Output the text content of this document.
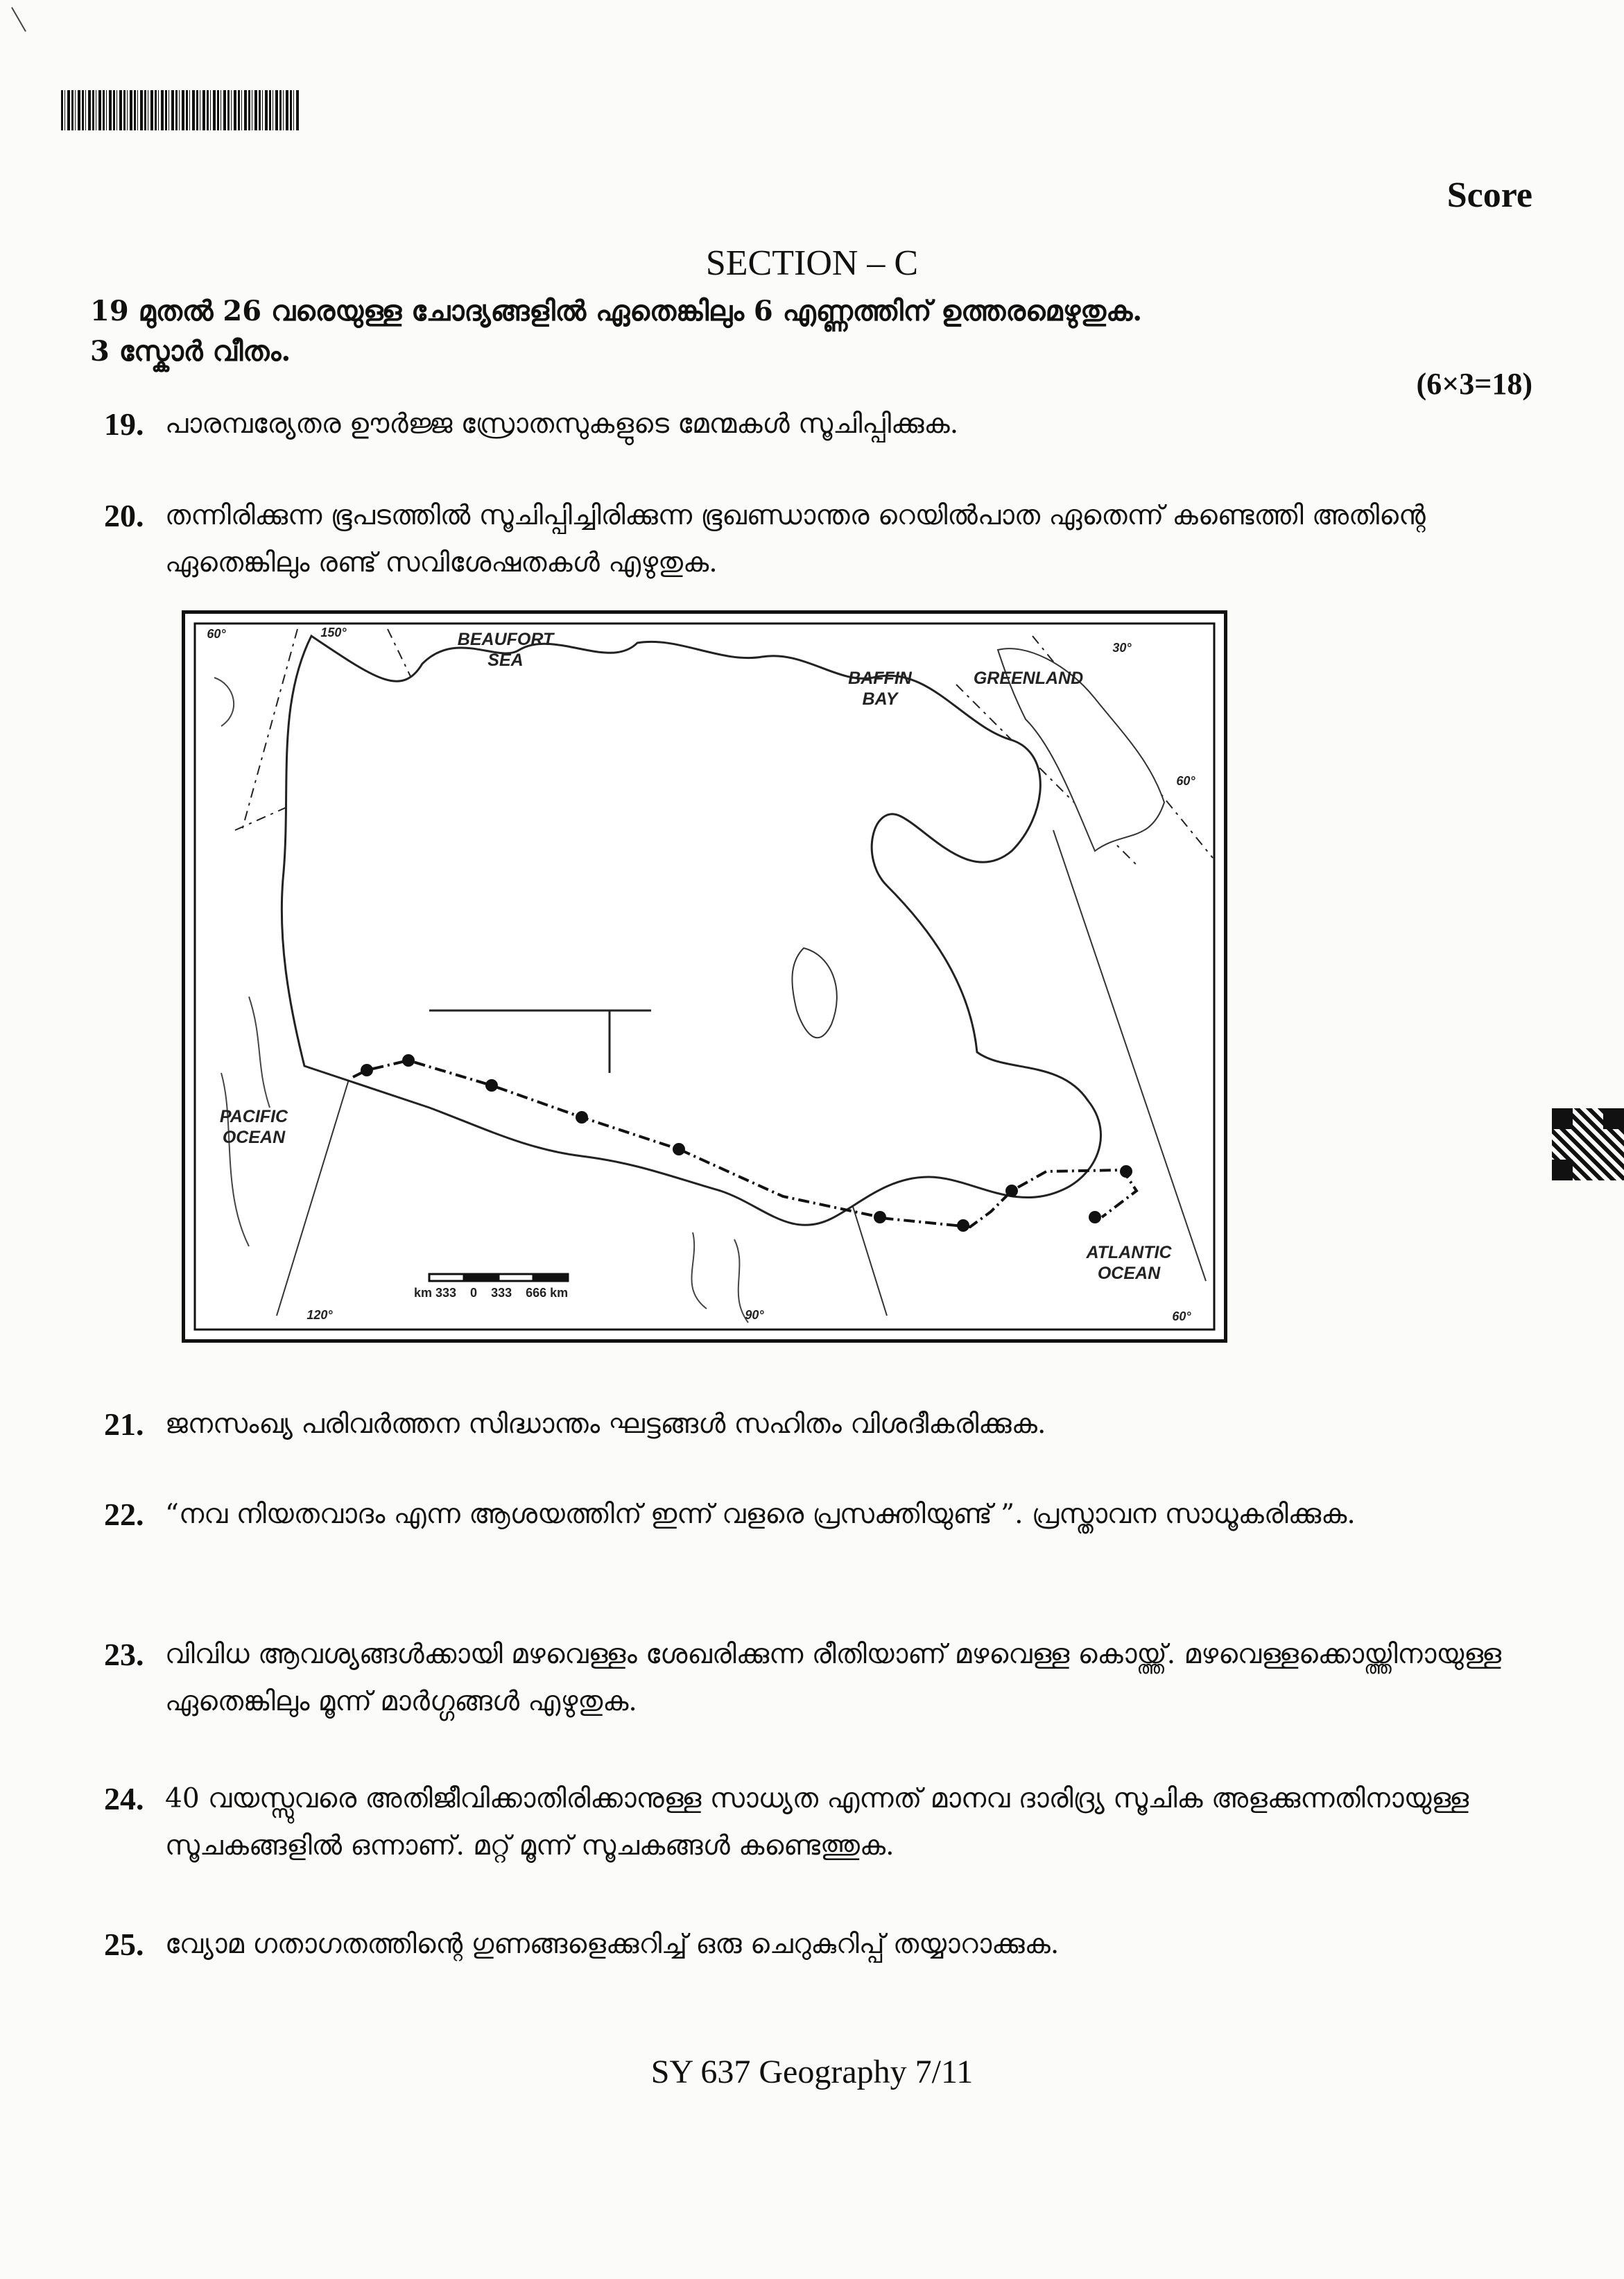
Score
SECTION – C
19 മുതൽ 26 വരെയുള്ള ചോദ്യങ്ങളിൽ ഏതെങ്കിലും 6 എണ്ണത്തിന് ഉത്തരമെഴുതുക.
3 സ്കോർ വീതം.
(6×3=18)
19. പാരമ്പര്യേതര ഊർജ്ജ സ്രോതസുകളുടെ മേന്മകൾ സൂചിപ്പിക്കുക.
20. തന്നിരിക്കുന്ന ഭൂപടത്തിൽ സൂചിപ്പിച്ചിരിക്കുന്ന ഭൂഖണ്ഡാന്തര റെയിൽപാത ഏതെന്ന് കണ്ടെത്തി അതിന്റെ ഏതെങ്കിലും രണ്ട് സവിശേഷതകൾ എഴുതുക.
BEAUFORT SEA
BAFFIN BAY
GREENLAND
PACIFIC OCEAN
ATLANTIC OCEAN
60°	150°
30°
60°
120°	90°	60°
km 333    0    333    666 km
21. ജനസംഖ്യ പരിവർത്തന സിദ്ധാന്തം ഘട്ടങ്ങൾ സഹിതം വിശദീകരിക്കുക.
22. “നവ നിയതവാദം എന്ന ആശയത്തിന് ഇന്ന് വളരെ പ്രസക്തിയുണ്ട് ”. പ്രസ്താവന സാധൂകരിക്കുക.
23. വിവിധ ആവശ്യങ്ങൾക്കായി മഴവെള്ളം ശേഖരിക്കുന്ന രീതിയാണ് മഴവെള്ള കൊയ്ത്ത്. മഴവെള്ളക്കൊയ്ത്തിനായുള്ള ഏതെങ്കിലും മൂന്ന് മാർഗ്ഗങ്ങൾ എഴുതുക.
24. 40 വയസ്സുവരെ അതിജീവിക്കാതിരിക്കാനുള്ള സാധ്യത എന്നത് മാനവ ദാരിദ്ര്യ സൂചിക അളക്കുന്നതിനായുള്ള സൂചകങ്ങളിൽ ഒന്നാണ്. മറ്റ് മൂന്ന് സൂചകങ്ങൾ കണ്ടെത്തുക.
25. വ്യോമ ഗതാഗതത്തിന്റെ ഗുണങ്ങളെക്കുറിച്ച് ഒരു ചെറുകുറിപ്പ് തയ്യാറാക്കുക.
SY 637 Geography 7/11
